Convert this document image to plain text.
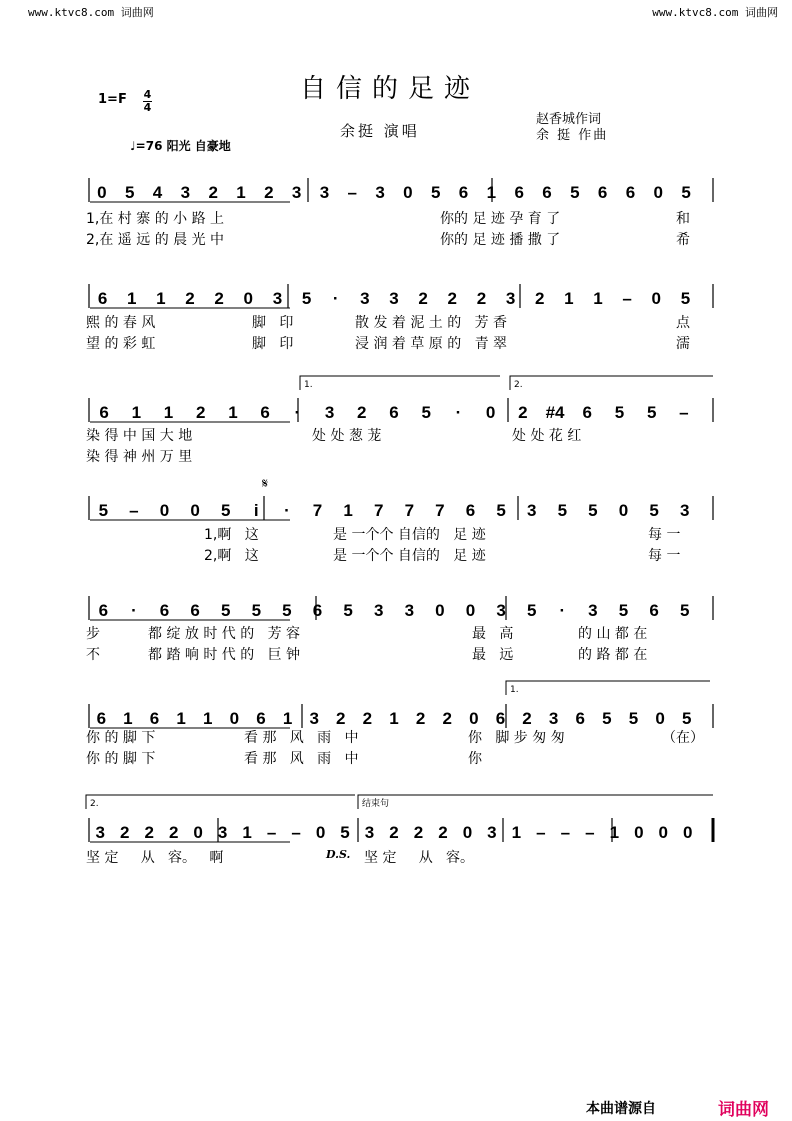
www.ktvc8.com 词曲网	www.ktvc8.com 词曲网
自信的足迹
余挺 演唱
赵香城作词
余 挺 作曲
1=F 4
4
♩=76 阳光 自豪地
0 5 4 3 2 1 2 3 3 – 3 0 5 6 1 6 6 5 6 6 0 5
6 1 1 2 2 0 3 5 · 3 3 2 2 2 3 2 1 1 – 0 5
6 1 1 2 1 6 · 3 2 6 5 · 0 2 #4 6 5 5 –
1.	2.
5 – 0 0 5 i · 7 1 7 7 7 6 5 3 5 5 0 5 3
𝄋
6 · 6 6 5 5 5 6 5 3 3 0 0 3 5 · 3 5 6 5
6 1 6 1 1 0 6 1 3 2 2 1 2 2 0 6 2 3 6 5 5 0 5
1.
3 2 2 2 0 3 1 – – 0 5 3 2 2 2 0 3 1 – – – 1 0 0 0
2.	结束句
D.S.
1,在 村 寨 的 小 路 上	你的 足 迹 孕 育 了	和
2,在 遥 远 的 晨 光 中	你的 足 迹 播 撒 了	希
熙 的 春 风	脚   印	散 发 着 泥 土 的   芳 香	点
望 的 彩 虹	脚   印	浸 润 着 草 原 的   青 翠	濡
染 得 中 国 大 地	处 处 葱 茏	处 处 花 红
染 得 神 州 万 里
1,啊   这	是 一个个 自信的   足 迹	每 一
2,啊   这	是 一个个 自信的   足 迹	每 一
步	都 绽 放 时 代 的   芳 容	最   高	的 山 都 在
不	都 踏 响 时 代 的   巨 钟	最   远	的 路 都 在
你 的 脚 下	看 那   风   雨   中	你   脚 步 匆 匆	（在）
你 的 脚 下	看 那   风   雨   中	你
坚 定     从   容。   啊	坚 定     从   容。
本曲谱源自	词曲网
